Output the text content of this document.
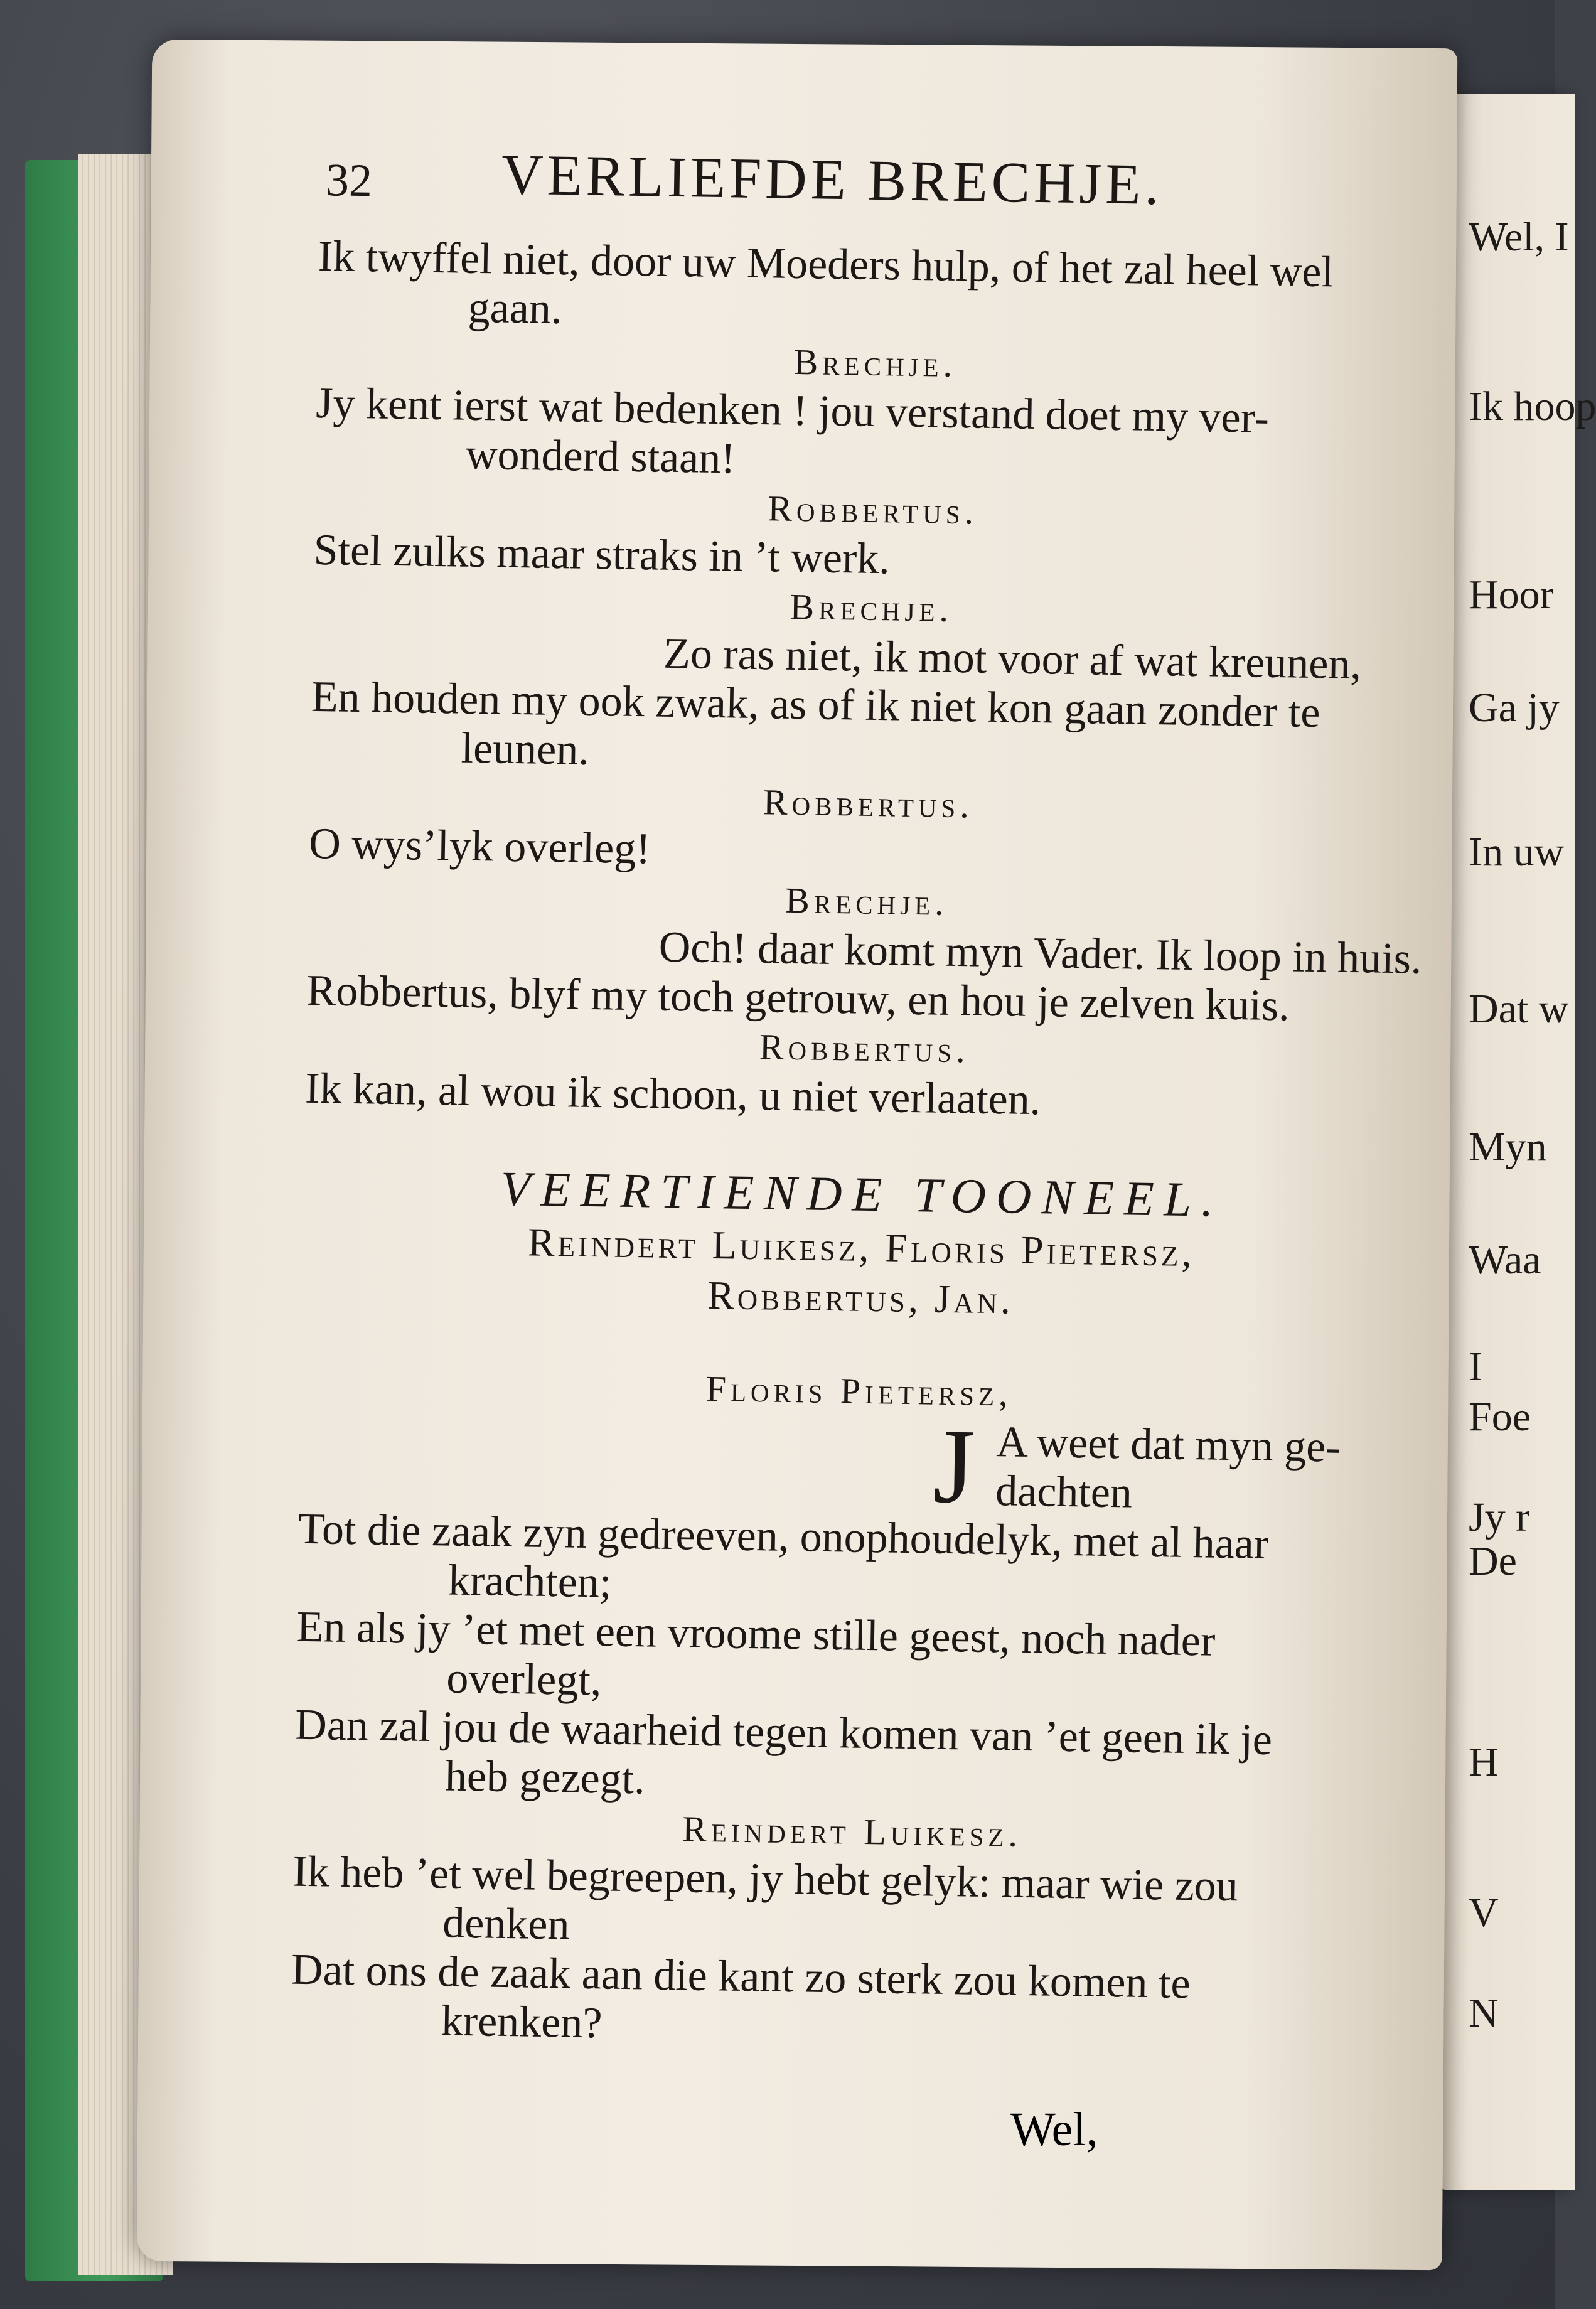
Wel, I
Ik hoop
Hoor
Ga jy
In uw
Dat w
Myn
Waa
I
Foe
Jy r
De
H
V
N
32 VERLIEFDE BRECHJE.
Ik twyffel niet, door uw Moeders hulp, of het zal heel wel
gaan.
Brechje.
Jy kent ierst wat bedenken ! jou verstand doet my ver-
wonderd staan!
Robbertus.
Stel zulks maar straks in ’t werk.
Brechje.
Zo ras niet, ik mot voor af wat kreunen,
En houden my ook zwak, as of ik niet kon gaan zonder te
leunen.
Robbertus.
O wys’lyk overleg!
Brechje.
Och! daar komt myn Vader. Ik loop in huis.
Robbertus, blyf my toch getrouw, en hou je zelven kuis.
Robbertus.
Ik kan, al wou ik schoon, u niet verlaaten.
VEERTIENDE TOONEEL.
Reindert Luikesz, Floris Pietersz,
Robbertus, Jan.
Floris Pietersz,
J A weet dat myn ge-
dachten
Tot die zaak zyn gedreeven, onophoudelyk, met al haar
krachten;
En als jy ’et met een vroome stille geest, noch nader
overlegt,
Dan zal jou de waarheid tegen komen van ’et geen ik je
heb gezegt.
Reindert Luikesz.
Ik heb ’et wel begreepen, jy hebt gelyk: maar wie zou
denken
Dat ons de zaak aan die kant zo sterk zou komen te
krenken?
Wel,
